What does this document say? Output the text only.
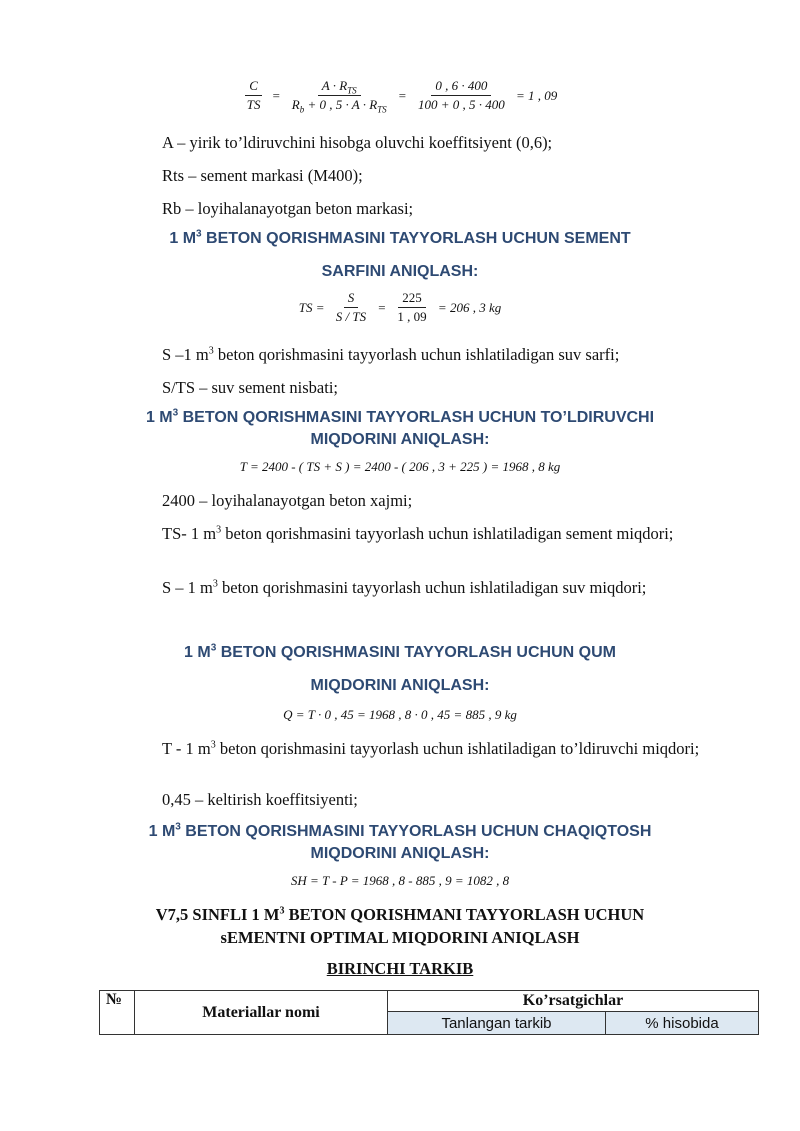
$\frac{C}{TS} = \frac{A \cdot R_{TS}}{R_b + 0 , 5 \cdot A \cdot R_{TS}} = \frac{0 , 6 \cdot 400}{100 + 0 , 5 \cdot 400} = 1$ , 09
A – yirik to’ldiruvchini hisobga oluvchi koeffitsiyent (0,6);
Rts – sement markasi (M400);
Rb – loyihalanayotgan beton markasi;
1 $M^3$ BETON QORISHMASINI TAYYORLASH UCHUN SEMENT
SARFINI ANIQLASH:
TS = $\frac{S}{S / TS} = \frac{225}{1 , 09} = 206$ , 3 kg
S –1 $m^3$ beton qorishmasini tayyorlash uchun ishlatiladigan suv sarfi;
S/TS – suv sement nisbati;
1 $M^3$ BETON QORISHMASINI TAYYORLASH UCHUN TO’LDIRUVCHI
MIQDORINI ANIQLASH:
T = 2400 - ( TS + S ) = 2400 - ( 206 , 3 + 225 ) = 1968 , 8 kg
2400 – loyihalanayotgan beton xajmi;
TS- 1 $m^3$ beton qorishmasini tayyorlash uchun ishlatiladigan sement miqdori;
S – 1 $m^3$ beton qorishmasini tayyorlash uchun ishlatiladigan suv miqdori;
1 $M^3$ BETON QORISHMASINI TAYYORLASH UCHUN QUM
MIQDORINI ANIQLASH:
Q = T · 0 , 45 = 1968 , 8 · 0 , 45 = 885 , 9 kg
T - 1 $m^3$ beton qorishmasini tayyorlash uchun ishlatiladigan to’ldiruvchi miqdori;
0,45 – keltirish koeffitsiyenti;
1 $M^3$ BETON QORISHMASINI TAYYORLASH UCHUN CHAQIQTOSH
MIQDORINI ANIQLASH:
SH = T - P = 1968 , 8 - 885 , 9 = 1082 , 8
V7,5 SINFLI 1 $M^3$ BETON QORISHMANI TAYYORLASH UCHUN
sEMENTNI OPTIMAL MIQDORINI ANIQLASH
BIRINCHI TARKIB
№	Materiallar nomi	Ko’rsatgichlar	
		Tanlangan tarkib	% hisobida
